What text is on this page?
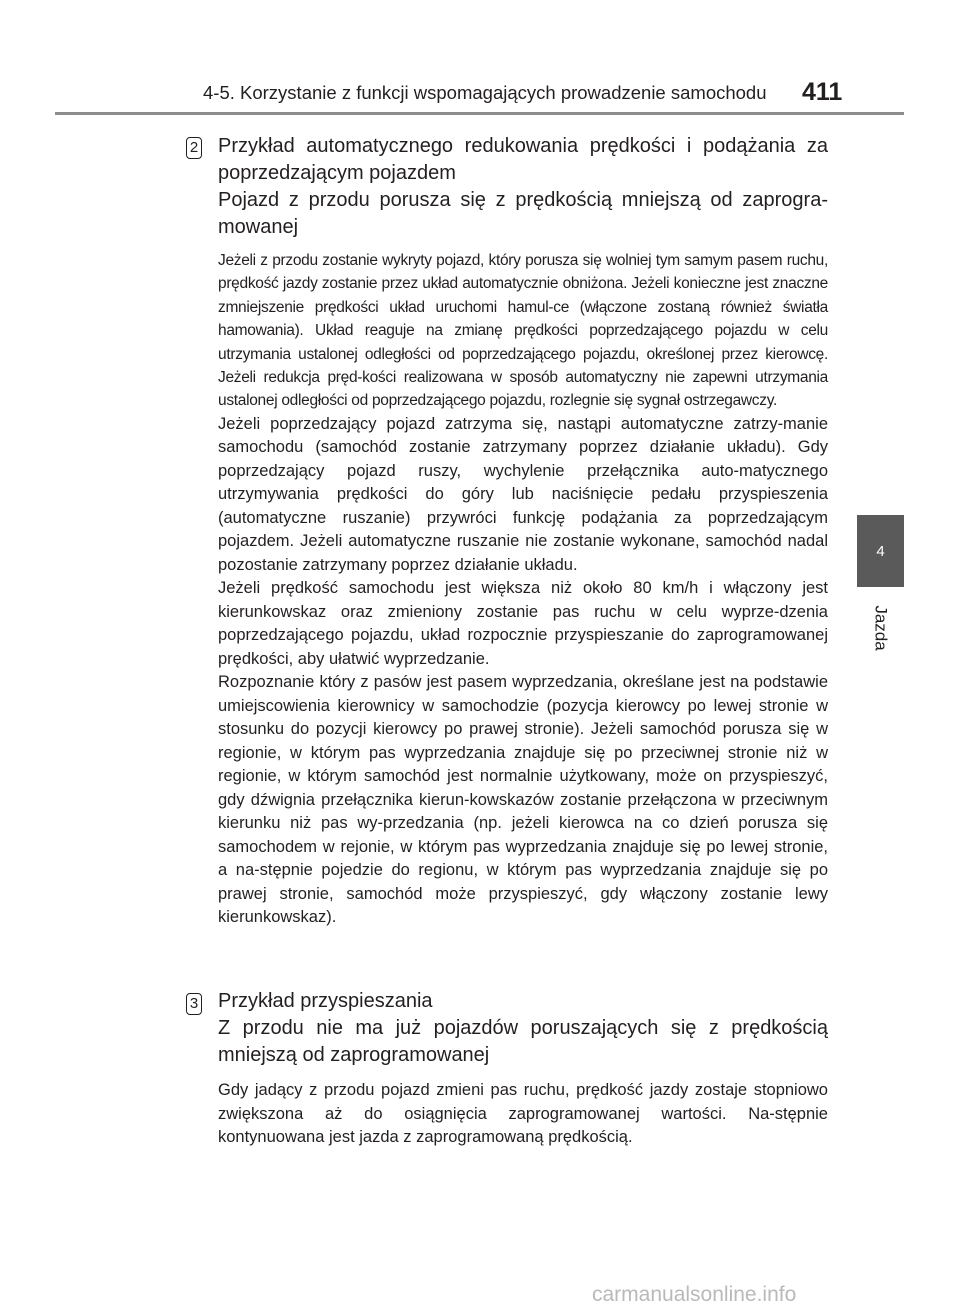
4-5. Korzystanie z funkcji wspomagających prowadzenie samochodu 411
4
Jazda
2 Przykład automatycznego redukowania prędkości i podążania za poprzedzającym pojazdem

Pojazd z przodu porusza się z prędkością mniejszą od zaprogra-mowanej

Jeżeli z przodu zostanie wykryty pojazd, który porusza się wolniej tym samym pasem ruchu, prędkość jazdy zostanie przez układ automatycznie obniżona. Jeżeli konieczne jest znaczne zmniejszenie prędkości układ uruchomi hamul-ce (włączone zostaną również światła hamowania). Układ reaguje na zmianę prędkości poprzedzającego pojazdu w celu utrzymania ustalonej odległości od poprzedzającego pojazdu, określonej przez kierowcę. Jeżeli redukcja pręd-kości realizowana w sposób automatyczny nie zapewni utrzymania ustalonej odległości od poprzedzającego pojazdu, rozlegnie się sygnał ostrzegawczy.

Jeżeli poprzedzający pojazd zatrzyma się, nastąpi automatyczne zatrzy-manie samochodu (samochód zostanie zatrzymany poprzez działanie układu). Gdy poprzedzający pojazd ruszy, wychylenie przełącznika auto-matycznego utrzymywania prędkości do góry lub naciśnięcie pedału przyspieszenia (automatyczne ruszanie) przywróci funkcję podążania za poprzedzającym pojazdem. Jeżeli automatyczne ruszanie nie zostanie wykonane, samochód nadal pozostanie zatrzymany poprzez działanie układu.

Jeżeli prędkość samochodu jest większa niż około 80 km/h i włączony jest kierunkowskaz oraz zmieniony zostanie pas ruchu w celu wyprze-dzenia poprzedzającego pojazdu, układ rozpocznie przyspieszanie do zaprogramowanej prędkości, aby ułatwić wyprzedzanie.

Rozpoznanie który z pasów jest pasem wyprzedzania, określane jest na podstawie umiejscowienia kierownicy w samochodzie (pozycja kierowcy po lewej stronie w stosunku do pozycji kierowcy po prawej stronie). Jeżeli samochód porusza się w regionie, w którym pas wyprzedzania znajduje się po przeciwnej stronie niż w regionie, w którym samochód jest normalnie użytkowany, może on przyspieszyć, gdy dźwignia przełącznika kierun-kowskazów zostanie przełączona w przeciwnym kierunku niż pas wy-przedzania (np. jeżeli kierowca na co dzień porusza się samochodem w rejonie, w którym pas wyprzedzania znajduje się po lewej stronie, a na-stępnie pojedzie do regionu, w którym pas wyprzedzania znajduje się po prawej stronie, samochód może przyspieszyć, gdy włączony zostanie lewy kierunkowskaz).

3 Przykład przyspieszania

Z przodu nie ma już pojazdów poruszających się z prędkością mniejszą od zaprogramowanej

Gdy jadący z przodu pojazd zmieni pas ruchu, prędkość jazdy zostaje stopniowo zwiększona aż do osiągnięcia zaprogramowanej wartości. Na-stępnie kontynuowana jest jazda z zaprogramowaną prędkością.

carmanualsonline.info
